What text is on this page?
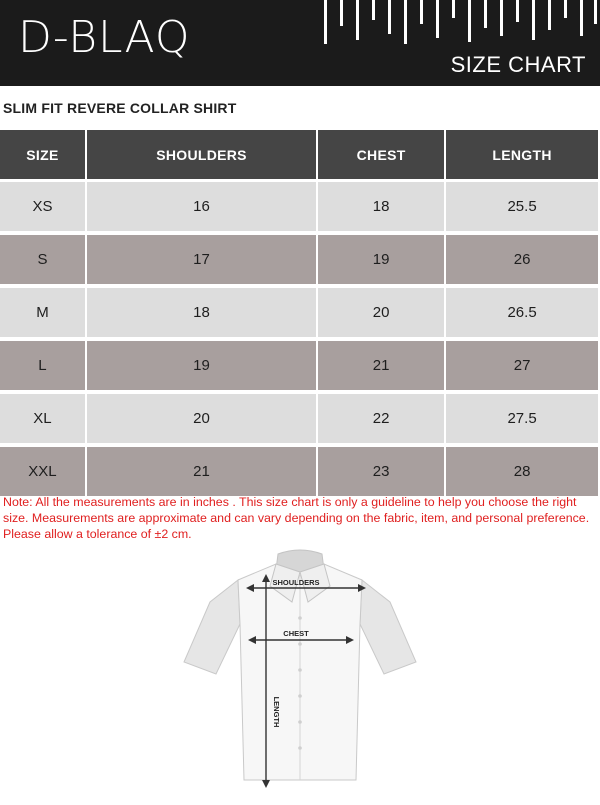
D-BLAQ
SIZE CHART
SLIM FIT REVERE COLLAR SHIRT
SIZE	SHOULDERS	CHEST	LENGTH
XS	16	18	25.5
S	17	19	26
M	18	20	26.5
L	19	21	27
XL	20	22	27.5
XXL	21	23	28
Note: All the measurements are in inches . This size chart is only a guideline to help you choose the right size. Measurements are approximate and can vary depending on the fabric, item, and personal preference. Please allow a tolerance of ±2 cm.
SHOULDERS
CHEST
LENGTH
